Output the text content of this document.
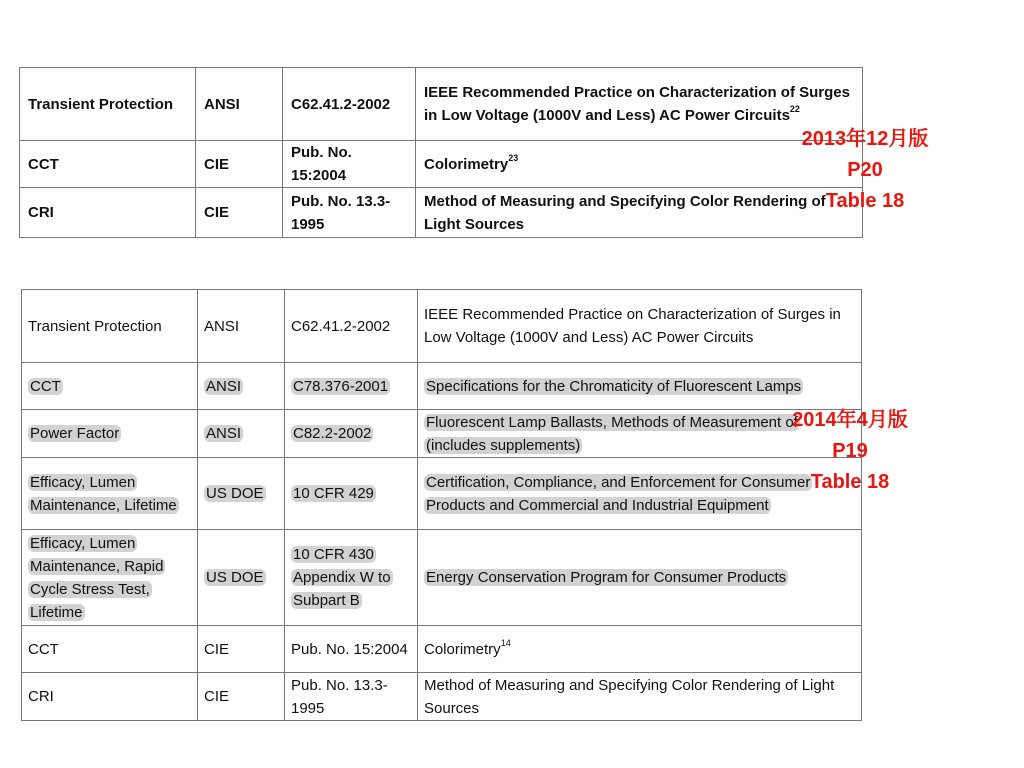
Transient Protection	ANSI	C62.41.2-2002	IEEE Recommended Practice on Characterization of Surges in Low Voltage (1000V and Less) AC Power Circuits$^{22}$
CCT	CIE	Pub. No. 15:2004	Colorimetry$^{23}$
CRI	CIE	Pub. No. 13.3-1995	Method of Measuring and Specifying Color Rendering of Light Sources
2013年12月版
P20
Table 18
Transient Protection	ANSI	C62.41.2-2002	IEEE Recommended Practice on Characterization of Surges in Low Voltage (1000V and Less) AC Power Circuits
CCT	ANSI	C78.376-2001	Specifications for the Chromaticity of Fluorescent Lamps
Power Factor	ANSI	C82.2-2002	Fluorescent Lamp Ballasts, Methods of Measurement of (includes supplements)
Efficacy, Lumen Maintenance, Lifetime	US DOE	10 CFR 429	Certification, Compliance, and Enforcement for Consumer Products and Commercial and Industrial Equipment
Efficacy, Lumen Maintenance, Rapid Cycle Stress Test, Lifetime	US DOE	10 CFR 430 Appendix W to Subpart B	Energy Conservation Program for Consumer Products
CCT	CIE	Pub. No. 15:2004	Colorimetry$^{14}$
CRI	CIE	Pub. No. 13.3-1995	Method of Measuring and Specifying Color Rendering of Light Sources
2014年4月版
P19
Table 18
